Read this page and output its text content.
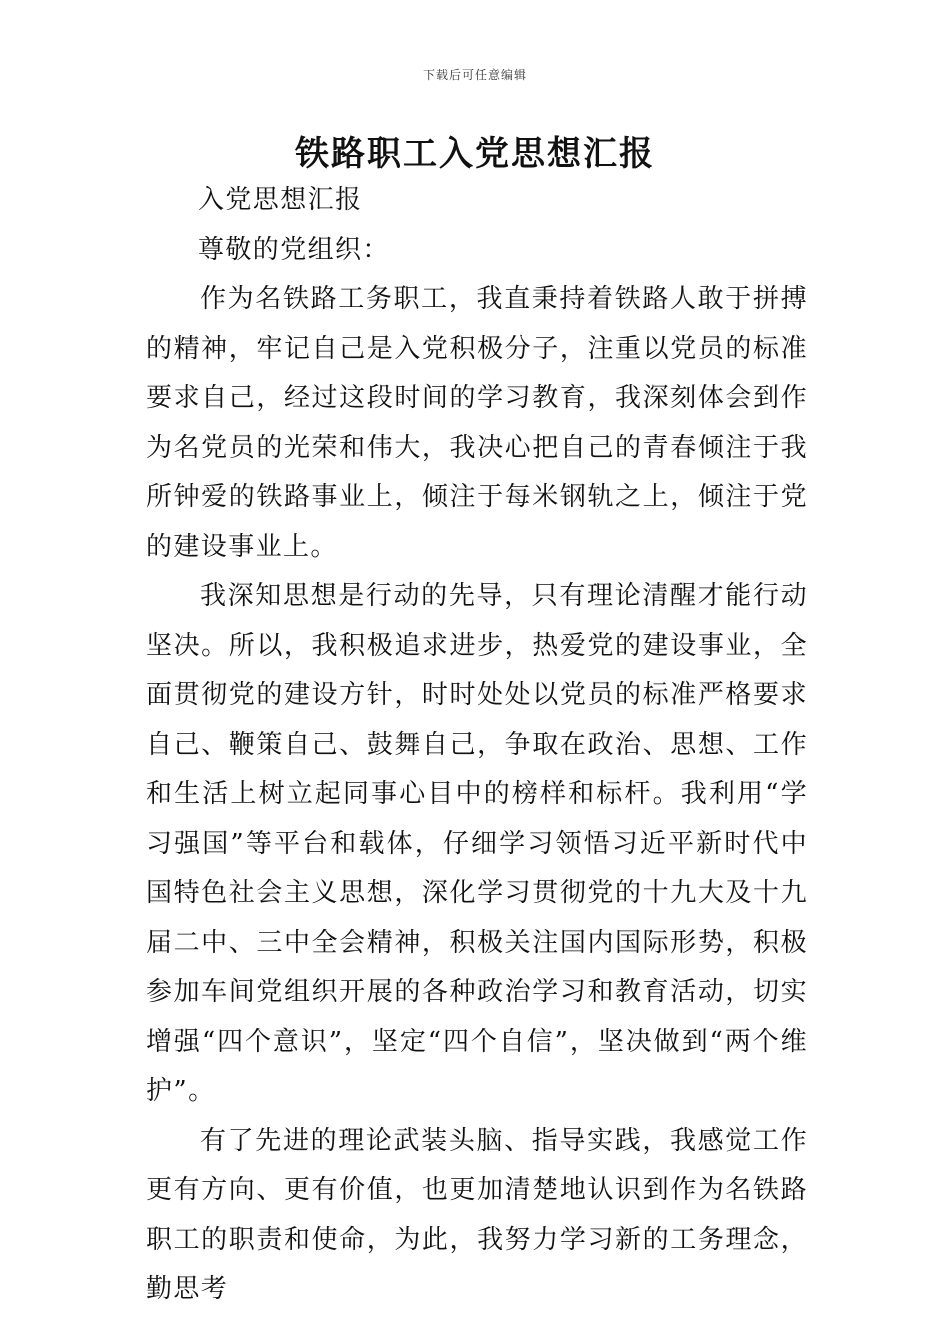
下载后可任意编辑
铁路职工入党思想汇报

入党思想汇报

尊敬的党组织：

作为名铁路工务职工，我直秉持着铁路人敢于拼搏的精神，牢记自己是入党积极分子，注重以党员的标准要求自己，经过这段时间的学习教育，我深刻体会到作为名党员的光荣和伟大，我决心把自己的青春倾注于我所钟爱的铁路事业上，倾注于每米钢轨之上，倾注于党的建设事业上。

我深知思想是行动的先导，只有理论清醒才能行动坚决。所以，我积极追求进步，热爱党的建设事业，全面贯彻党的建设方针，时时处处以党员的标准严格要求自己、鞭策自己、鼓舞自己，争取在政治、思想、工作和生活上树立起同事心目中的榜样和标杆。我利用“学习强国”等平台和载体，仔细学习领悟习近平新时代中国特色社会主义思想，深化学习贯彻党的十九大及十九届二中、三中全会精神，积极关注国内国际形势，积极参加车间党组织开展的各种政治学习和教育活动，切实增强“四个意识”，坚定“四个自信”，坚决做到“两个维护”。

有了先进的理论武装头脑、指导实践，我感觉工作更有方向、更有价值，也更加清楚地认识到作为名铁路职工的职责和使命，为此，我努力学习新的工务理念，勤思考
